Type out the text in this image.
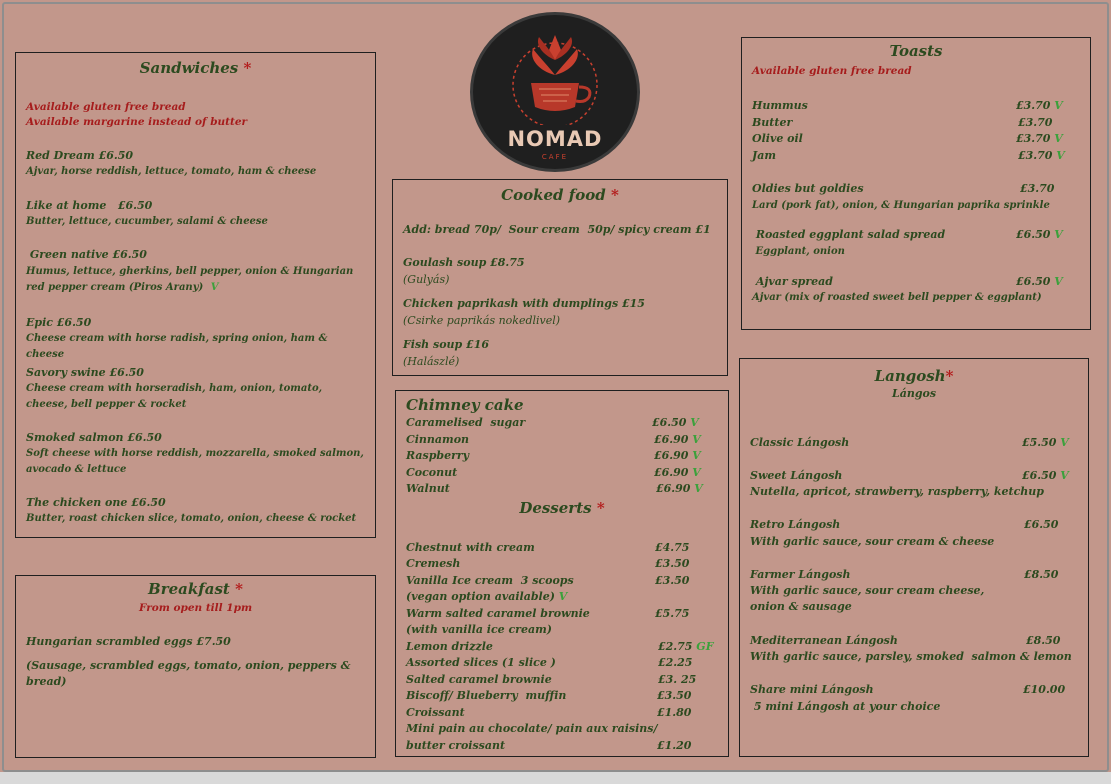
Sandwiches *
Available gluten free bread
Available margarine instead of butter
Red Dream £6.50
Ajvar, horse reddish, lettuce, tomato, ham & cheese
Like at home   £6.50
Butter, lettuce, cucumber, salami & cheese
Green native £6.50
Humus, lettuce, gherkins, bell pepper, onion & Hungarian red pepper cream (Piros Arany) V
Epic £6.50
Cheese cream with horse radish, spring onion, ham & cheese
Savory swine £6.50
Cheese cream with horseradish, ham, onion, tomato, cheese, bell pepper & rocket
Smoked salmon £6.50
Soft cheese with horse reddish, mozzarella, smoked salmon, avocado & lettuce
The chicken one £6.50
Butter, roast chicken slice, tomato, onion, cheese & rocket
Breakfast *
From open till 1pm
Hungarian scrambled eggs £7.50
(Sausage, scrambled eggs, tomato, onion, peppers & bread)
NOMAD
CAFE
Cooked food *
Add: bread 70p/  Sour cream  50p/ spicy cream £1
Goulash soup £8.75
(Gulyás)
Chicken paprikash with dumplings £15
(Csirke paprikás nokedlivel)
Fish soup £16
(Halászlé)
Chimney cake
Caramelised  sugar	£6.50 V
Cinnamon	£6.90 V
Raspberry	£6.90 V
Coconut	£6.90 V
Walnut	£6.90 V
Desserts *
Chestnut with cream	£4.75
Cremesh	£3.50
Vanilla Ice cream  3 scoops	£3.50
(vegan option available) V
Warm salted caramel brownie	£5.75
(with vanilla ice cream)
Lemon drizzle	£2.75 GF
Assorted slices (1 slice )	£2.25
Salted caramel brownie	£3. 25
Biscoff/ Blueberry  muffin	£3.50
Croissant	£1.80
Mini pain au chocolate/ pain aux raisins/
butter croissant	£1.20
Toasts
Available gluten free bread
Hummus	£3.70 V
Butter	£3.70
Olive oil	£3.70 V
Jam	£3.70 V
Oldies but goldies	£3.70
Lard (pork fat), onion, & Hungarian paprika sprinkle
Roasted eggplant salad spread	£6.50 V
Eggplant, onion
Ajvar spread	£6.50 V
Ajvar (mix of roasted sweet bell pepper & eggplant)
Langosh*
Lángos
Classic Lángosh	£5.50 V
Sweet Lángosh	£6.50 V
Nutella, apricot, strawberry, raspberry, ketchup
Retro Lángosh	£6.50
With garlic sauce, sour cream & cheese
Farmer Lángosh	£8.50
With garlic sauce, sour cream cheese, onion & sausage
Mediterranean Lángosh	£8.50
With garlic sauce, parsley, smoked  salmon & lemon
Share mini Lángosh	£10.00
5 mini Lángosh at your choice
